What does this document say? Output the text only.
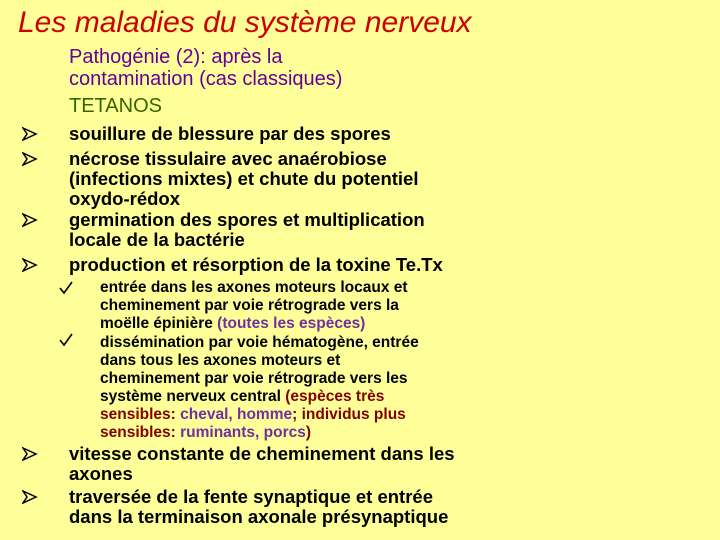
Les maladies du système nerveux
Pathogénie (2): après la
contamination (cas classiques)
TETANOS
souillure de blessure par des spores
nécrose tissulaire avec anaérobiose
(infections mixtes) et chute du potentiel
oxydo-rédox
germination des spores et multiplication
locale de la bactérie
production et résorption de la toxine Te.Tx
entrée dans les axones moteurs locaux et
cheminement par voie rétrograde vers la
moëlle épinière (toutes les espèces)
dissémination par voie hématogène, entrée
dans tous les axones moteurs et
cheminement par voie rétrograde vers les
système nerveux central (espèces très
sensibles: cheval, homme; individus plus
sensibles: ruminants, porcs)
vitesse constante de cheminement dans les
axones
traversée de la fente synaptique et entrée
dans la terminaison axonale présynaptique
